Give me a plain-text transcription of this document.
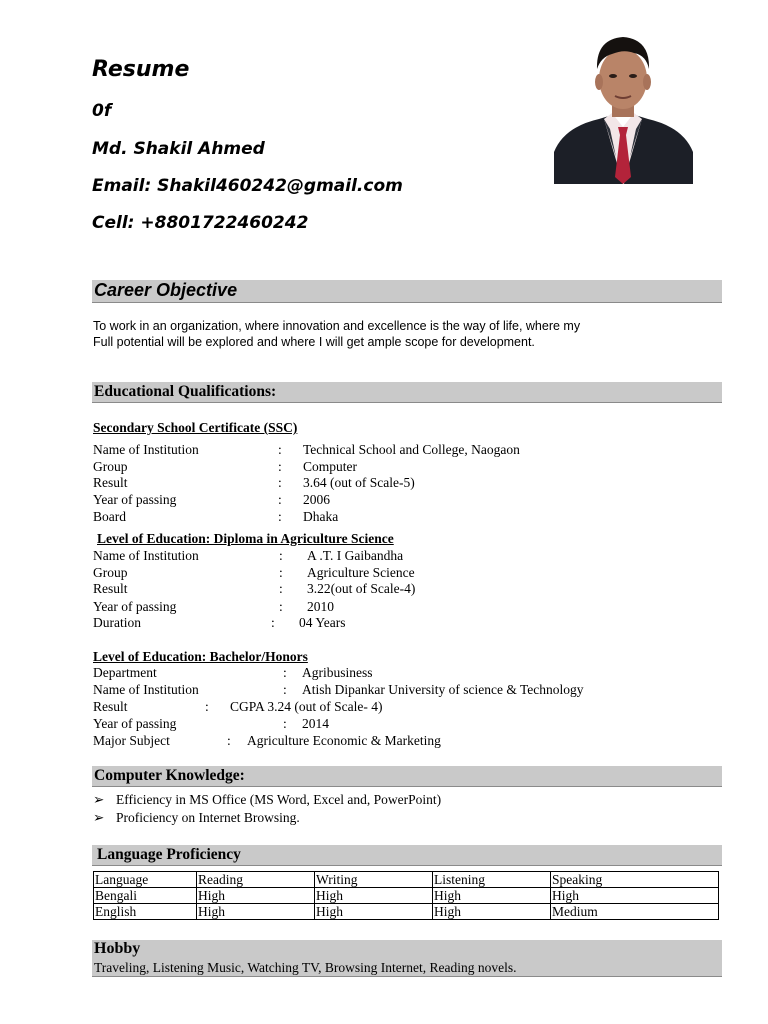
Resume
0f
Md. Shakil Ahmed
Email: Shakil460242@gmail.com
Cell: +8801722460242
Career Objective
To work in an organization, where innovation and excellence is the way of life, where my
Full potential will be explored and where I will get ample scope for development.
Educational Qualifications:
Secondary School Certificate (SSC)
Name of Institution	: Technical School and College, Naogaon
Group	: Computer
Result	: 3.64 (out of Scale-5)
Year of passing	: 2006
Board	: Dhaka
Level of Education: Diploma in Agriculture Science
Name of Institution	: A .T. I Gaibandha
Group	: Agriculture Science
Result	: 3.22(out of Scale-4)
Year of passing	: 2010
Duration	: 04 Years
Level of Education: Bachelor/Honors
Department	: Agribusiness
Name of Institution	: Atish Dipankar University of science & Technology
Result	: CGPA 3.24 (out of Scale- 4)
Year of passing	: 2014
Major Subject	: Agriculture Economic & Marketing
Computer Knowledge:
➢ Efficiency in MS Office (MS Word, Excel and, PowerPoint)
➢ Proficiency on Internet Browsing.
Language Proficiency
Language	Reading	Writing	Listening	Speaking
Bengali	High	High	High	High
English	High	High	High	Medium
Hobby
Traveling, Listening Music, Watching TV, Browsing Internet, Reading novels.
